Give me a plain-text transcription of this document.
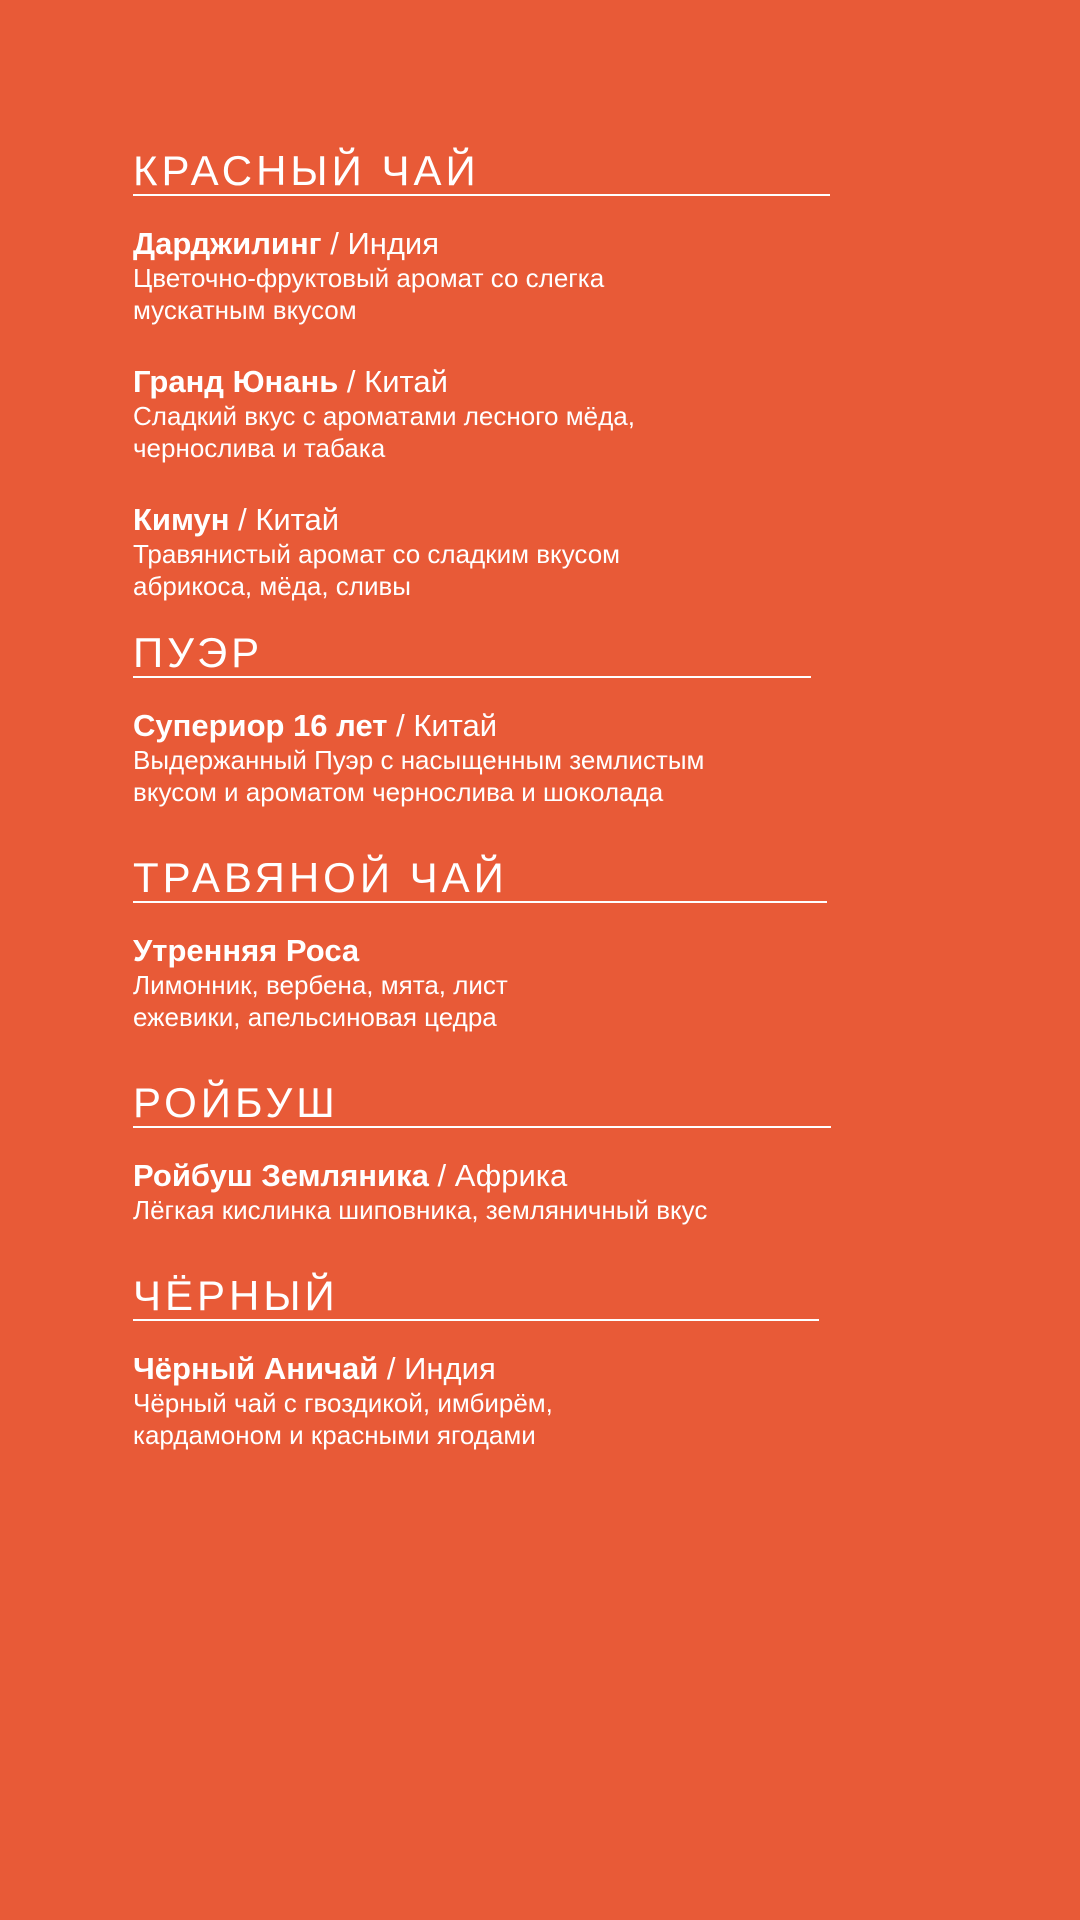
КРАСНЫЙ ЧАЙ
Дарджилинг / Индия
Цветочно-фруктовый аромат со слегка
мускатным вкусом
Гранд Юнань / Китай
Сладкий вкус с ароматами лесного мёда,
чернослива и табака
Кимун / Китай
Травянистый аромат со сладким вкусом
абрикоса, мёда, сливы
ПУЭР
Супериор 16 лет / Китай
Выдержанный Пуэр с насыщенным землистым
вкусом и ароматом чернослива и шоколада
ТРАВЯНОЙ ЧАЙ
Утренняя Роса
Лимонник, вербена, мята, лист
ежевики, апельсиновая цедра
РОЙБУШ
Ройбуш Земляника / Африка
Лёгкая кислинка шиповника, земляничный вкус
ЧЁРНЫЙ
Чёрный Аничай / Индия
Чёрный чай с гвоздикой, имбирём,
кардамоном и красными ягодами
